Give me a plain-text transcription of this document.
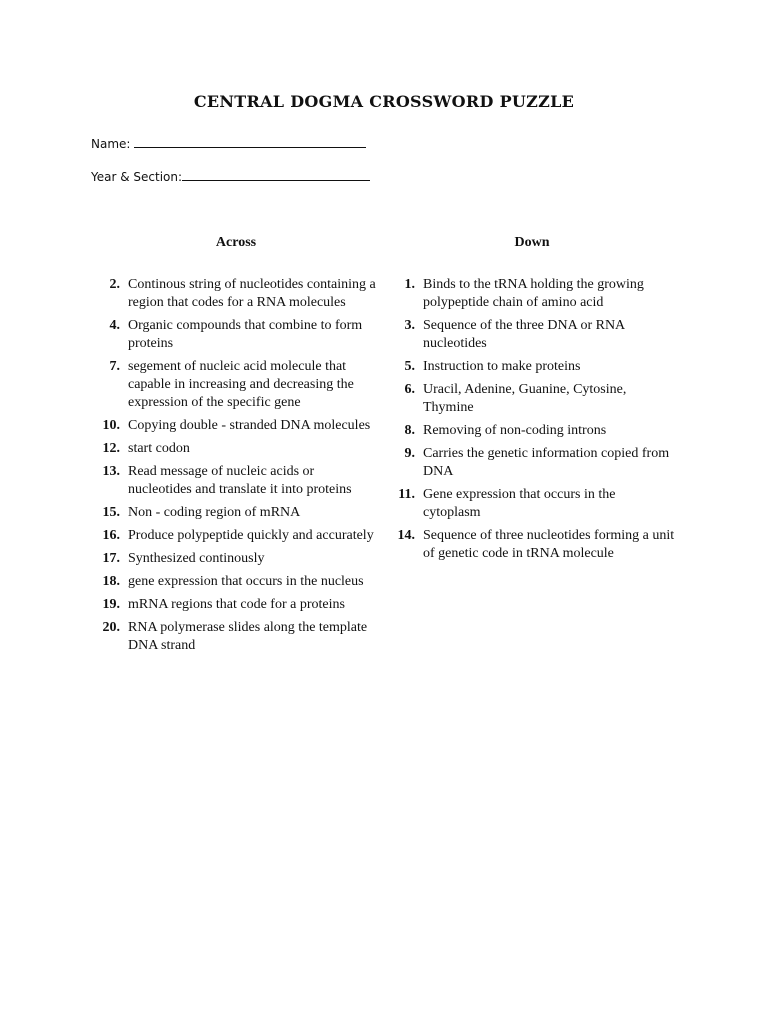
CENTRAL DOGMA CROSSWORD PUZZLE
Name:
Year & Section:
Across	Down
2. Continous string of nucleotides containing a region that codes for a RNA molecules
4. Organic compounds that combine to form proteins
7. segement of nucleic acid molecule that capable in increasing and decreasing the expression of the specific gene
10. Copying double - stranded DNA molecules
12. start codon
13. Read message of nucleic acids or nucleotides and translate it into proteins
15. Non - coding region of mRNA
16. Produce polypeptide quickly and accurately
17. Synthesized continously
18. gene expression that occurs in the nucleus
19. mRNA regions that code for a proteins
20. RNA polymerase slides along the template DNA strand
1. Binds to the tRNA holding the growing polypeptide chain of amino acid
3. Sequence of the three DNA or RNA nucleotides
5. Instruction to make proteins
6. Uracil, Adenine, Guanine, Cytosine, Thymine
8. Removing of non-coding introns
9. Carries the genetic information copied from DNA
11. Gene expression that occurs in the cytoplasm
14. Sequence of three nucleotides forming a unit of genetic code in tRNA molecule
